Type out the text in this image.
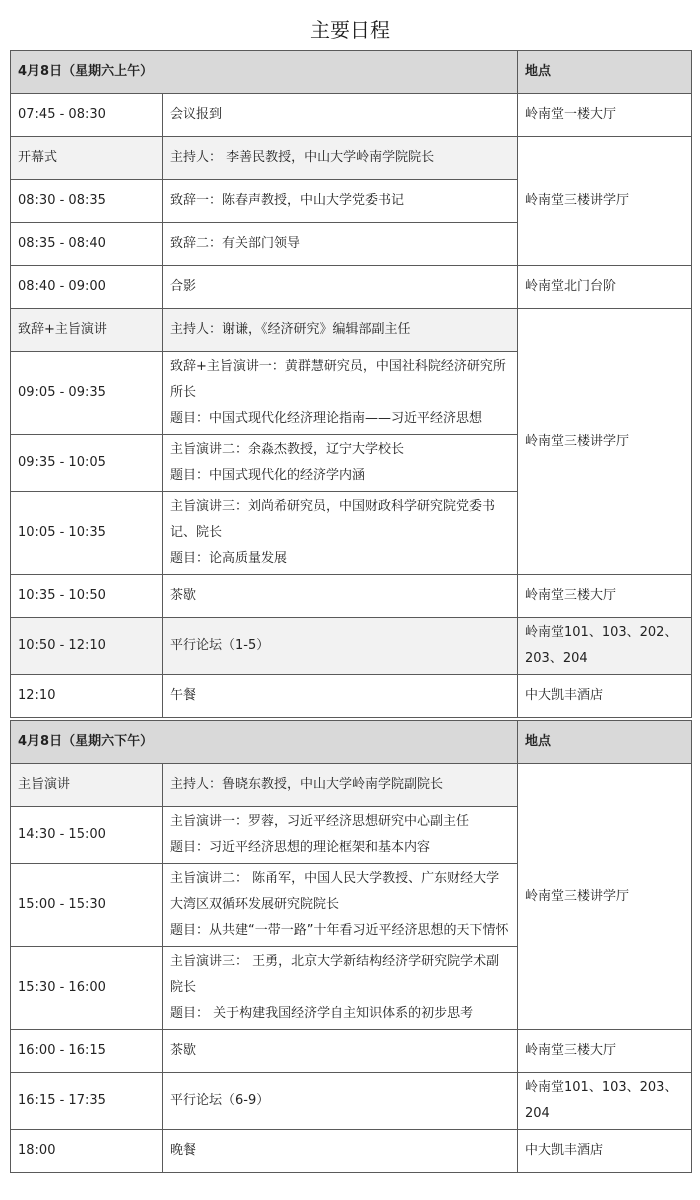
主要日程
4月8日（星期六上午）		地点
07:45 - 08:30	会议报到	岭南堂一楼大厅
开幕式	主持人： 李善民教授，中山大学岭南学院院长	岭南堂三楼讲学厅
08:30 - 08:35	致辞一：陈春声教授，中山大学党委书记	
08:35 - 08:40	致辞二：有关部门领导	
08:40 - 09:00	合影	岭南堂北门台阶
致辞+主旨演讲	主持人：谢谦，《经济研究》编辑部副主任	岭南堂三楼讲学厅
09:05 - 09:35	致辞+主旨演讲一：黄群慧研究员，中国社科院经济研究所所长
题目：中国式现代化经济理论指南——习近平经济思想	

09:35 - 10:05	主旨演讲二：余淼杰教授，辽宁大学校长
题目：中国式现代化的经济学内涵	

10:05 - 10:35	主旨演讲三：刘尚希研究员，中国财政科学研究院党委书记、院长
题目：论高质量发展	

10:35 - 10:50	茶歇	岭南堂三楼大厅
10:50 - 12:10	平行论坛（1-5）	岭南堂101、103、202、203、204
12:10	午餐	中大凯丰酒店
4月8日（星期六下午）		地点
主旨演讲	主持人：鲁晓东教授，中山大学岭南学院副院长	岭南堂三楼讲学厅
14:30 - 15:00	主旨演讲一：罗蓉，习近平经济思想研究中心副主任
题目：习近平经济思想的理论框架和基本内容	

15:00 - 15:30	主旨演讲二： 陈甬军，中国人民大学教授、广东财经大学大湾区双循环发展研究院院长
题目：从共建“一带一路”十年看习近平经济思想的天下情怀	

15:30 - 16:00	主旨演讲三： 王勇，北京大学新结构经济学研究院学术副院长
题目： 关于构建我国经济学自主知识体系的初步思考	

16:00 - 16:15	茶歇	岭南堂三楼大厅
16:15 - 17:35	平行论坛（6-9）	岭南堂101、103、203、204
18:00	晚餐	中大凯丰酒店
